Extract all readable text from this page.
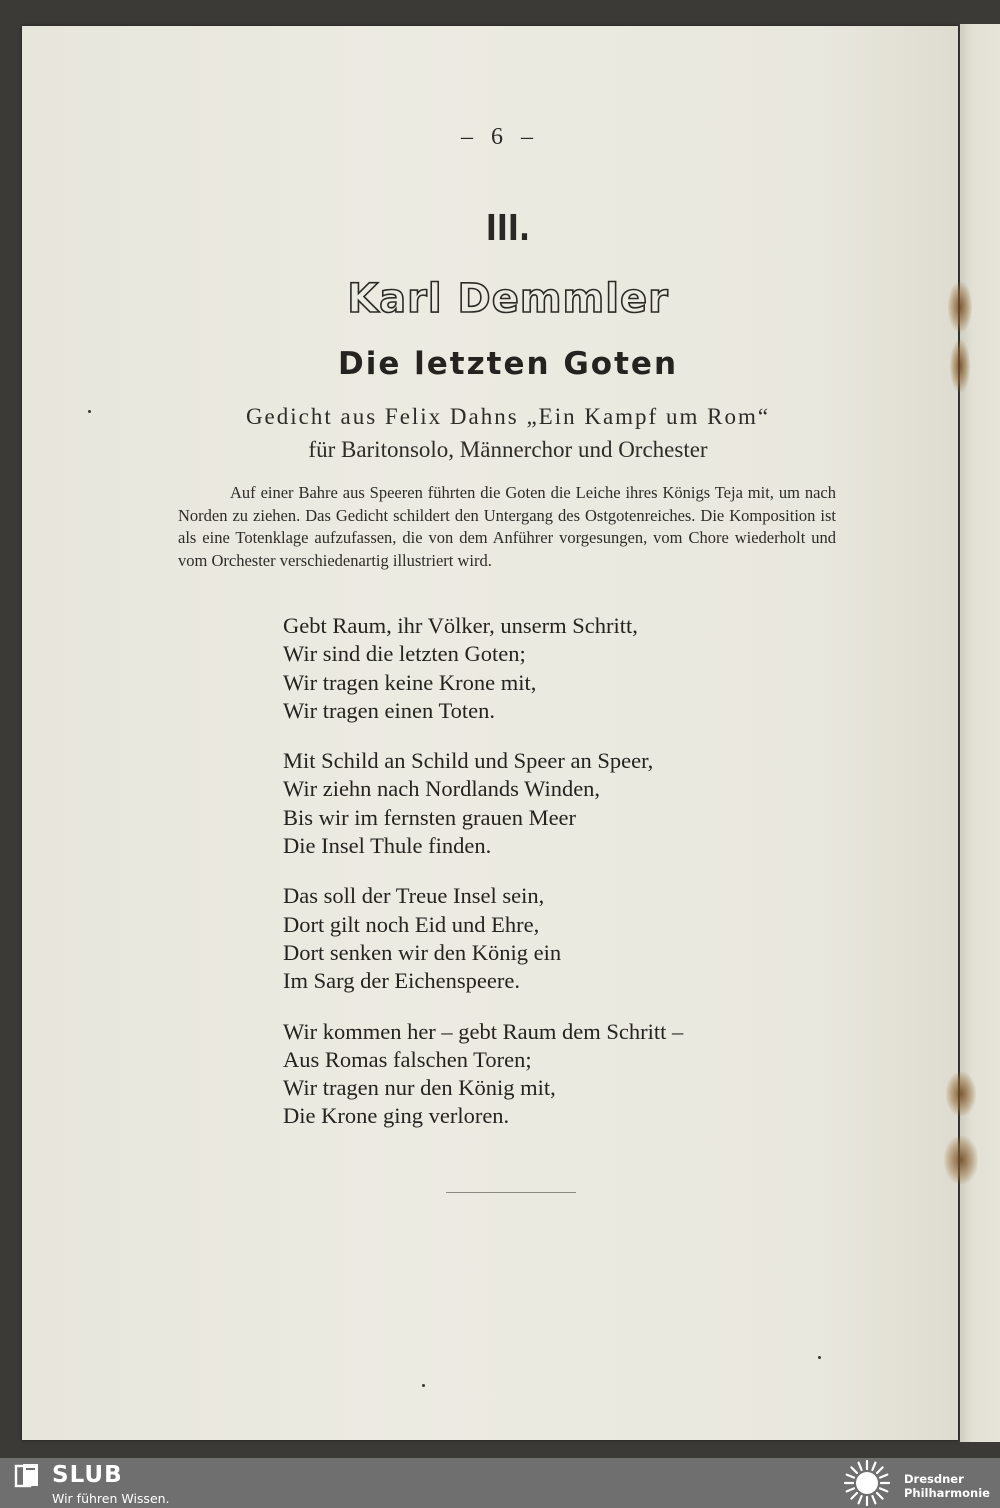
– 6 –
III.
Karl Demmler
Die letzten Goten
Gedicht aus Felix Dahns „Ein Kampf um Rom“
für Baritonsolo, Männerchor und Orchester
Auf einer Bahre aus Speeren führten die Goten die Leiche ihres Königs Teja mit, um nach Norden zu ziehen. Das Gedicht schildert den Untergang des Ostgotenreiches. Die Komposition ist als eine Totenklage aufzufassen, die von dem Anführer vorgesungen, vom Chore wiederholt und vom Orchester verschiedenartig illustriert wird.
Gebt Raum, ihr Völker, unserm Schritt,
Wir sind die letzten Goten;
Wir tragen keine Krone mit,
Wir tragen einen Toten.
Mit Schild an Schild und Speer an Speer,
Wir ziehn nach Nordlands Winden,
Bis wir im fernsten grauen Meer
Die Insel Thule finden.
Das soll der Treue Insel sein,
Dort gilt noch Eid und Ehre,
Dort senken wir den König ein
Im Sarg der Eichenspeere.
Wir kommen her – gebt Raum dem Schritt –
Aus Romas falschen Toren;
Wir tragen nur den König mit,
Die Krone ging verloren.
SLUB
Wir führen Wissen.
Dresdner
Philharmonie
